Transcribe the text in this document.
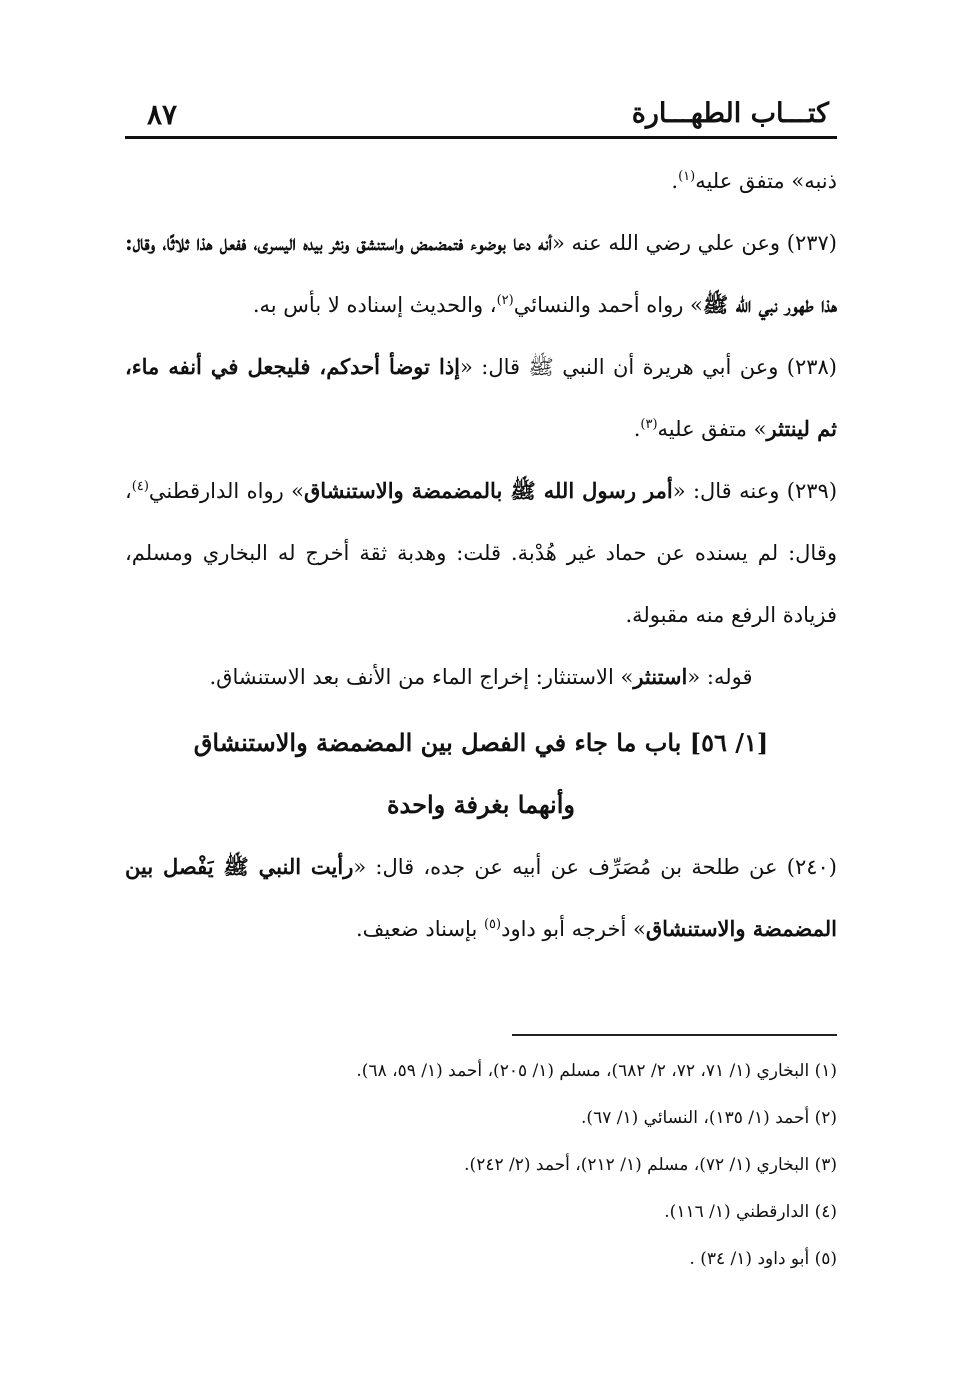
كتـــاب الطهـــارة
٨٧

ذنبه» متفق عليه$^{(١)}$.

(٢٣٧) وعن علي رضي الله عنه «أنه دعا بوضوء فتمضمض واستنشق ونثر بيده اليسرى، ففعل هذا ثلاثًا، وقال: هذا طهور نبي الله ﷺ» رواه أحمد والنسائي$^{(٢)}$، والحديث إسناده لا بأس به.

(٢٣٨) وعن أبي هريرة أن النبي ﷺ قال: «إذا توضأ أحدكم، فليجعل في أنفه ماء، ثم لينتثر» متفق عليه$^{(٣)}$.

(٢٣٩) وعنه قال: «أمر رسول الله ﷺ بالمضمضة والاستنشاق» رواه الدارقطني$^{(٤)}$، وقال: لم يسنده عن حماد غير هُدْبة. قلت: وهدبة ثقة أخرج له البخاري ومسلم، فزيادة الرفع منه مقبولة.

قوله: «استنثر» الاستنثار: إخراج الماء من الأنف بعد الاستنشاق.

[١/ ٥٦] باب ما جاء في الفصل بين المضمضة والاستنشاق
وأنهما بغرفة واحدة

(٢٤٠) عن طلحة بن مُصَرِّف عن أبيه عن جده، قال: «رأيت النبي ﷺ يَفْصل بين المضمضة والاستنشاق» أخرجه أبو داود$^{(٥)}$ بإسناد ضعيف.

(١) البخاري (١/ ٧١، ٧٢، ٢/ ٦٨٢)، مسلم (١/ ٢٠٥)، أحمد (١/ ٥٩، ٦٨).
(٢) أحمد (١/ ١٣٥)، النسائي (١/ ٦٧).
(٣) البخاري (١/ ٧٢)، مسلم (١/ ٢١٢)، أحمد (٢/ ٢٤٢).
(٤) الدارقطني (١/ ١١٦).
(٥) أبو داود (١/ ٣٤) .
